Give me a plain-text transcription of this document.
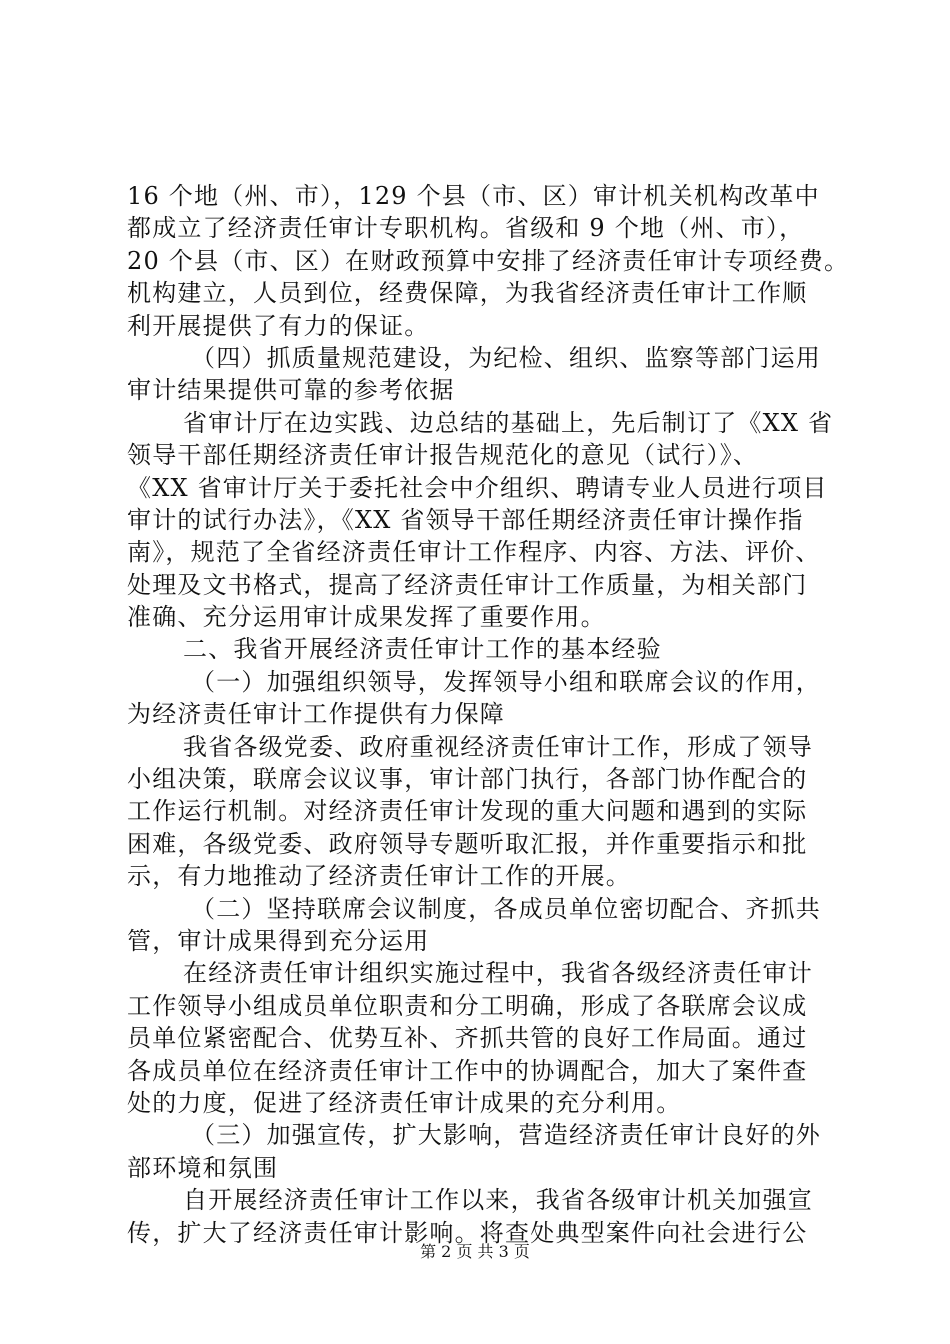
16 个地（州、市），129 个县（市、区）审计机关机构改革中
都成立了经济责任审计专职机构。省级和 9 个地（州、市），
20 个县（市、区）在财政预算中安排了经济责任审计专项经费。
机构建立，人员到位，经费保障，为我省经济责任审计工作顺
利开展提供了有力的保证。
（四）抓质量规范建设，为纪检、组织、监察等部门运用
审计结果提供可靠的参考依据
省审计厅在边实践、边总结的基础上，先后制订了《XX 省
领导干部任期经济责任审计报告规范化的意见（试行）》、
《XX 省审计厅关于委托社会中介组织、聘请专业人员进行项目
审计的试行办法》，《XX 省领导干部任期经济责任审计操作指
南》，规范了全省经济责任审计工作程序、内容、方法、评价、
处理及文书格式，提高了经济责任审计工作质量，为相关部门
准确、充分运用审计成果发挥了重要作用。
二、我省开展经济责任审计工作的基本经验
（一）加强组织领导，发挥领导小组和联席会议的作用，
为经济责任审计工作提供有力保障
我省各级党委、政府重视经济责任审计工作，形成了领导
小组决策，联席会议议事，审计部门执行，各部门协作配合的
工作运行机制。对经济责任审计发现的重大问题和遇到的实际
困难，各级党委、政府领导专题听取汇报，并作重要指示和批
示，有力地推动了经济责任审计工作的开展。
（二）坚持联席会议制度，各成员单位密切配合、齐抓共
管，审计成果得到充分运用
在经济责任审计组织实施过程中，我省各级经济责任审计
工作领导小组成员单位职责和分工明确，形成了各联席会议成
员单位紧密配合、优势互补、齐抓共管的良好工作局面。通过
各成员单位在经济责任审计工作中的协调配合，加大了案件查
处的力度，促进了经济责任审计成果的充分利用。
（三）加强宣传，扩大影响，营造经济责任审计良好的外
部环境和氛围
自开展经济责任审计工作以来，我省各级审计机关加强宣
传，扩大了经济责任审计影响。将查处典型案件向社会进行公
第 2 页 共 3 页
